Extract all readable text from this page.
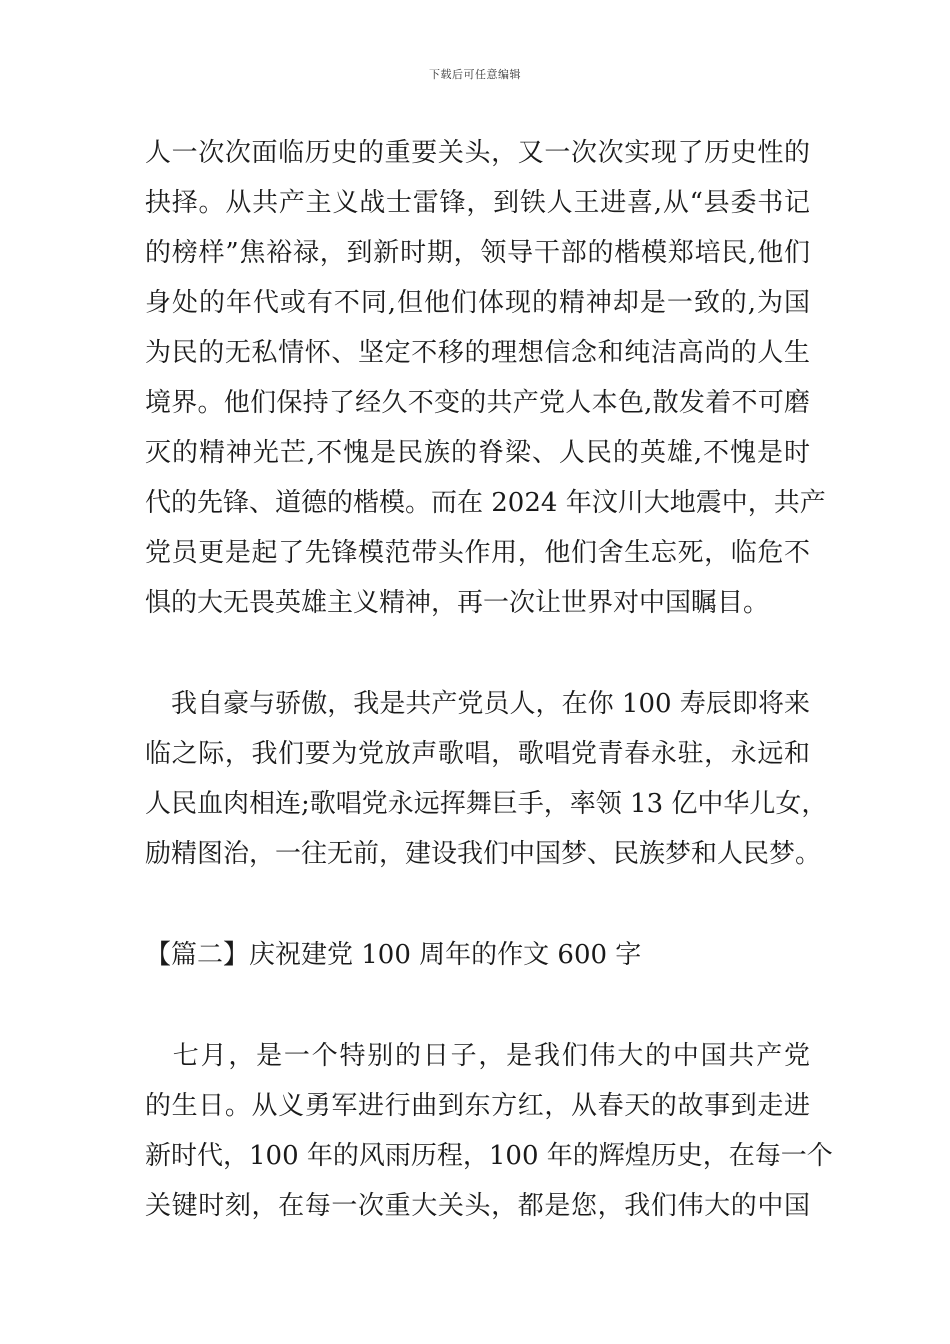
下载后可任意编辑
人一次次面临历史的重要关头，又一次次实现了历史性的
抉择。从共产主义战士雷锋，到铁人王进喜,从“县委书记
的榜样”焦裕禄，到新时期，领导干部的楷模郑培民,他们
身处的年代或有不同,但他们体现的精神却是一致的,为国
为民的无私情怀、坚定不移的理想信念和纯洁高尚的人生
境界。他们保持了经久不变的共产党人本色,散发着不可磨
灭的精神光芒,不愧是民族的脊梁、人民的英雄,不愧是时
代的先锋、道德的楷模。而在 2024 年汶川大地震中，共产
党员更是起了先锋模范带头作用，他们舍生忘死，临危不
惧的大无畏英雄主义精神，再一次让世界对中国瞩目。
　我自豪与骄傲，我是共产党员人，在你 100 寿辰即将来
临之际，我们要为党放声歌唱，歌唱党青春永驻，永远和
人民血肉相连;歌唱党永远挥舞巨手，率领 13 亿中华儿女，
励精图治，一往无前，建设我们中国梦、民族梦和人民梦。
【篇二】庆祝建党 100 周年的作文 600 字
　七月，是一个特别的日子，是我们伟大的中国共产党
的生日。从义勇军进行曲到东方红，从春天的故事到走进
新时代，100 年的风雨历程，100 年的辉煌历史，在每一个
关键时刻，在每一次重大关头，都是您，我们伟大的中国
